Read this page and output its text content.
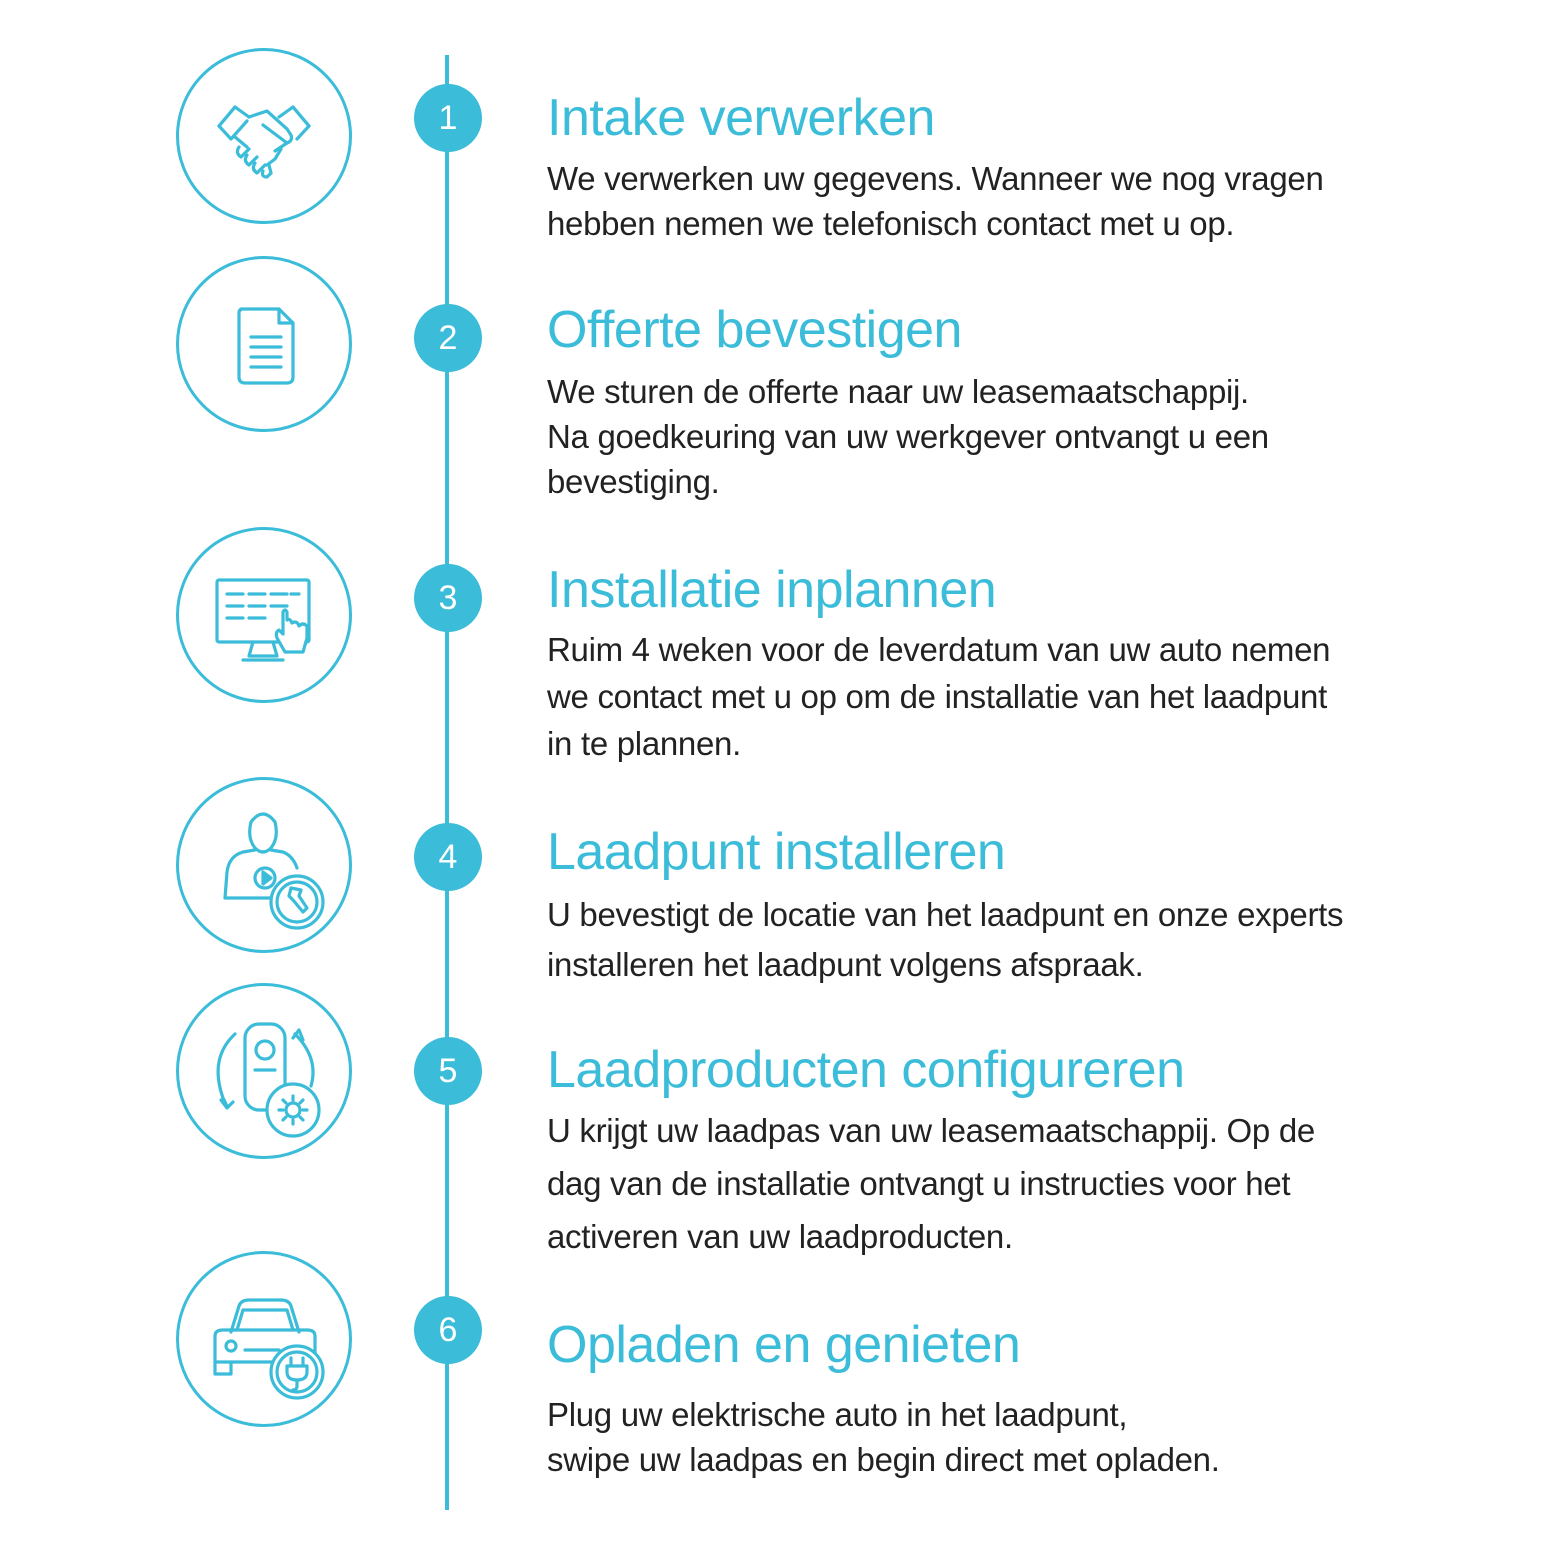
1	Intake verwerken

We verwerken uw gegevens. Wanneer we nog vragen
hebben nemen we telefonisch contact met u op.

2	Offerte bevestigen

We sturen de offerte naar uw leasemaatschappij.
Na goedkeuring van uw werkgever ontvangt u een
bevestiging.

3	Installatie inplannen

Ruim 4 weken voor de leverdatum van uw auto nemen
we contact met u op om de installatie van het laadpunt
in te plannen.

4	Laadpunt installeren

U bevestigt de locatie van het laadpunt en onze experts
installeren het laadpunt volgens afspraak.

5	Laadproducten configureren

U krijgt uw laadpas van uw leasemaatschappij. Op de
dag van de installatie ontvangt u instructies voor het
activeren van uw laadproducten.

6	Opladen en genieten

Plug uw elektrische auto in het laadpunt,
swipe uw laadpas en begin direct met opladen.
